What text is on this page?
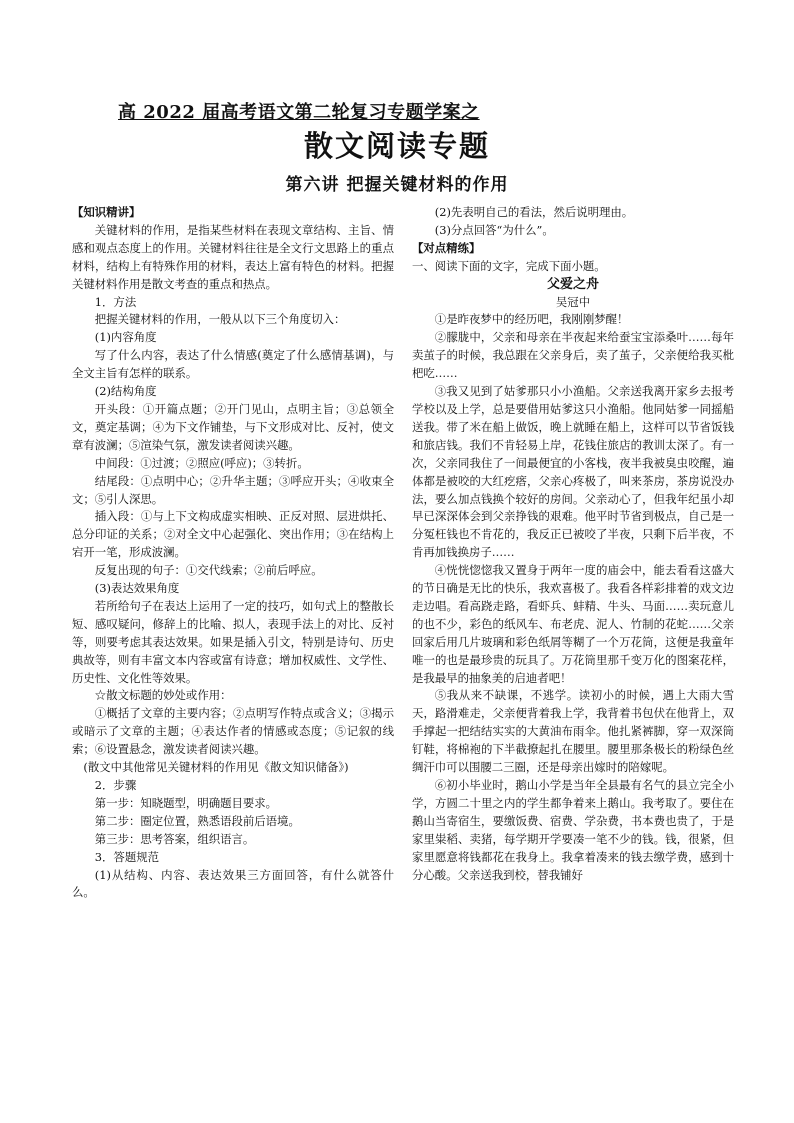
高 2022 届高考语文第二轮复习专题学案之
散文阅读专题
第六讲 把握关键材料的作用

【知识精讲】

关键材料的作用，是指某些材料在表现文章结构、主旨、情感和观点态度上的作用。关键材料往往是全文行文思路上的重点材料，结构上有特殊作用的材料，表达上富有特色的材料。把握关键材料作用是散文考查的重点和热点。

1．方法

把握关键材料的作用，一般从以下三个角度切入：

(1)内容角度

写了什么内容，表达了什么情感(奠定了什么感情基调)，与全文主旨有怎样的联系。

(2)结构角度

开头段：①开篇点题；②开门见山，点明主旨；③总领全文，奠定基调；④为下文作铺垫，与下文形成对比、反衬，使文章有波澜；⑤渲染气氛，激发读者阅读兴趣。

中间段：①过渡；②照应(呼应)；③转折。

结尾段：①点明中心；②升华主题；③呼应开头；④收束全文；⑤引人深思。

插入段：①与上下文构成虚实相映、正反对照、层进烘托、总分印证的关系；②对全文中心起强化、突出作用；③在结构上宕开一笔，形成波澜。

反复出现的句子：①交代线索；②前后呼应。

(3)表达效果角度

若所给句子在表达上运用了一定的技巧，如句式上的整散长短、感叹疑问，修辞上的比喻、拟人，表现手法上的对比、反衬等，则要考虑其表达效果。如果是插入引文，特别是诗句、历史典故等，则有丰富文本内容或富有诗意；增加权威性、文学性、历史性、文化性等效果。

☆散文标题的妙处或作用：

①概括了文章的主要内容；②点明写作特点或含义；③揭示或暗示了文章的主题；④表达作者的情感或态度；⑤记叙的线索；⑥设置悬念，激发读者阅读兴趣。

(散文中其他常见关键材料的作用见《散文知识储备》)

2．步骤

第一步：知晓题型，明确题目要求。

第二步：圈定位置，熟悉语段前后语境。

第三步：思考答案，组织语言。

3．答题规范

(1)从结构、内容、表达效果三方面回答，有什么就答什么。

(2)先表明自己的看法，然后说明理由。

(3)分点回答“为什么”。

【对点精练】

一、阅读下面的文字，完成下面小题。

父爱之舟

吴冠中

①是昨夜梦中的经历吧，我刚刚梦醒！

②朦胧中，父亲和母亲在半夜起来给蚕宝宝添桑叶……每年卖茧子的时候，我总跟在父亲身后，卖了茧子，父亲便给我买枇杷吃……

③我又见到了姑爹那只小小渔船。父亲送我离开家乡去报考学校以及上学，总是要借用姑爹这只小渔船。他同姑爹一同摇船送我。带了米在船上做饭，晚上就睡在船上，这样可以节省饭钱和旅店钱。我们不肯轻易上岸，花钱住旅店的教训太深了。有一次，父亲同我住了一间最便宜的小客栈，夜半我被臭虫咬醒，遍体都是被咬的大红疙瘩，父亲心疼极了，叫来茶房，茶房说没办法，要么加点钱换个较好的房间。父亲动心了，但我年纪虽小却早已深深体会到父亲挣钱的艰难。他平时节省到极点，自己是一分冤枉钱也不肯花的，我反正已被咬了半夜，只剩下后半夜，不肯再加钱换房子……

④恍恍惚惚我又置身于两年一度的庙会中，能去看看这盛大的节日确是无比的快乐，我欢喜极了。我看各样彩排着的戏文边走边唱。看高跷走路，看虾兵、蚌精、牛头、马面……卖玩意儿的也不少，彩色的纸风车、布老虎、泥人、竹制的花蛇……父亲回家后用几片玻璃和彩色纸屑等糊了一个万花筒，这便是我童年唯一的也是最珍贵的玩具了。万花筒里那千变万化的图案花样，是我最早的抽象美的启迪者吧！

⑤我从来不缺课，不逃学。读初小的时候，遇上大雨大雪天，路滑难走，父亲便背着我上学，我背着书包伏在他背上，双手撑起一把结结实实的大黄油布雨伞。他扎紧裤脚，穿一双深筒钉鞋，将棉袍的下半截撩起扎在腰里。腰里那条极长的粉绿色丝绸汗巾可以围腰二三圈，还是母亲出嫁时的陪嫁呢。

⑥初小毕业时，鹅山小学是当年全县最有名气的县立完全小学，方圆二十里之内的学生都争着来上鹅山。我考取了。要住在鹅山当寄宿生，要缴饭费、宿费、学杂费，书本费也贵了，于是家里粜稻、卖猪，每学期开学要凑一笔不少的钱。钱，很紧，但家里愿意将钱都花在我身上。我拿着凑来的钱去缴学费，感到十分心酸。父亲送我到校，替我铺好
